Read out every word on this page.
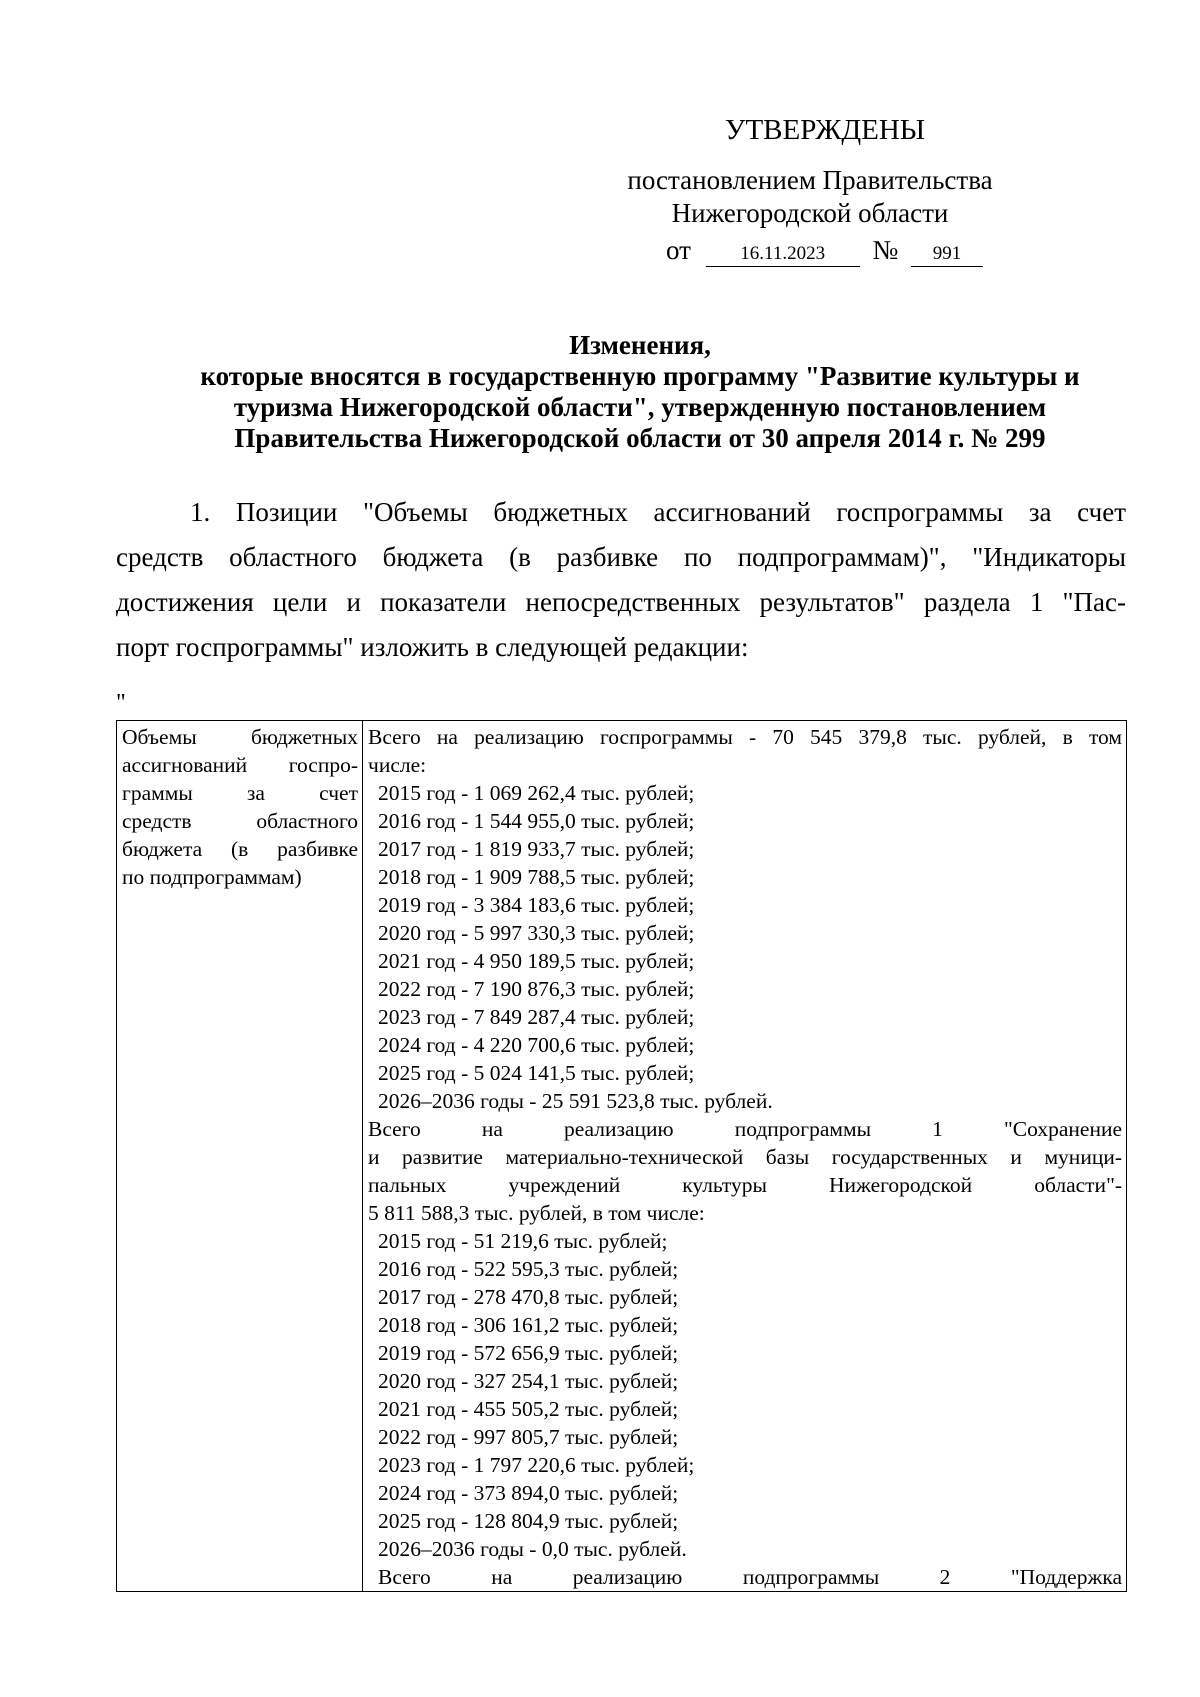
УТВЕРЖДЕНЫ
постановлением Правительства
Нижегородской области
от	16.11.2023 № 991
Изменения,
которые вносятся в государственную программу "Развитие культуры и
туризма Нижегородской области", утвержденную постановлением
Правительства Нижегородской области от 30 апреля 2014 г. № 299
1. Позиции "Объемы бюджетных ассигнований госпрограммы за счет
средств областного бюджета (в разбивке по подпрограммам)", "Индикаторы
достижения цели и показатели непосредственных результатов" раздела 1 "Пас-
порт госпрограммы" изложить в следующей редакции:
"
Объемы бюджетных
ассигнований госпро-
граммы за счет
средств областного
бюджета (в разбивке
по подпрограммам)

Всего на реализацию госпрограммы - 70 545 379,8 тыс. рублей, в том
числе:
2015 год - 1 069 262,4 тыс. рублей;
2016 год - 1 544 955,0 тыс. рублей;
2017 год - 1 819 933,7 тыс. рублей;
2018 год - 1 909 788,5 тыс. рублей;
2019 год - 3 384 183,6 тыс. рублей;
2020 год - 5 997 330,3 тыс. рублей;
2021 год - 4 950 189,5 тыс. рублей;
2022 год - 7 190 876,3 тыс. рублей;
2023 год - 7 849 287,4 тыс. рублей;
2024 год - 4 220 700,6 тыс. рублей;
2025 год - 5 024 141,5 тыс. рублей;
2026–2036 годы - 25 591 523,8 тыс. рублей.
Всего на реализацию подпрограммы 1 "Сохранение
и развитие материально-технической базы государственных и муници-
пальных учреждений культуры Нижегородской области"-
5 811 588,3 тыс. рублей, в том числе:
2015 год - 51 219,6 тыс. рублей;
2016 год - 522 595,3 тыс. рублей;
2017 год - 278 470,8 тыс. рублей;
2018 год - 306 161,2 тыс. рублей;
2019 год - 572 656,9 тыс. рублей;
2020 год - 327 254,1 тыс. рублей;
2021 год - 455 505,2 тыс. рублей;
2022 год - 997 805,7 тыс. рублей;
2023 год - 1 797 220,6 тыс. рублей;
2024 год - 373 894,0 тыс. рублей;
2025 год - 128 804,9 тыс. рублей;
2026–2036 годы - 0,0 тыс. рублей.
Всего на реализацию подпрограммы 2 "Поддержка
